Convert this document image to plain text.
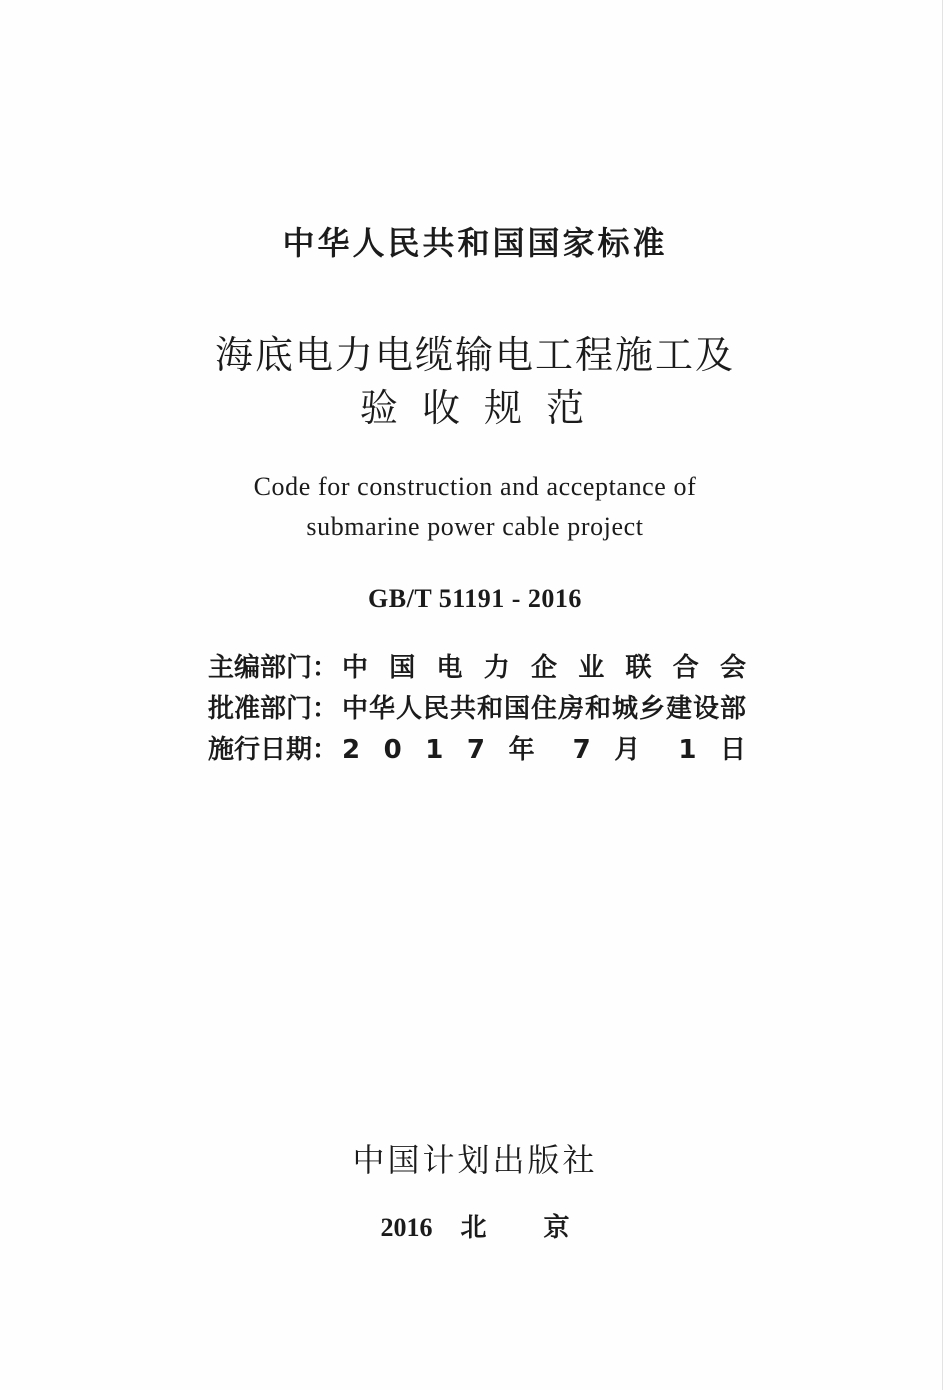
中华人民共和国国家标准
海底电力电缆输电工程施工及
验 收 规 范
Code for construction and acceptance of
submarine power cable project
GB/T 51191 - 2016
主编部门： 中 国 电 力 企 业 联 合 会
批准部门： 中华人民共和国住房和城乡建设部
施行日期： 2 0 1 7 年 7 月 1 日
中国计划出版社
2016 北 京
